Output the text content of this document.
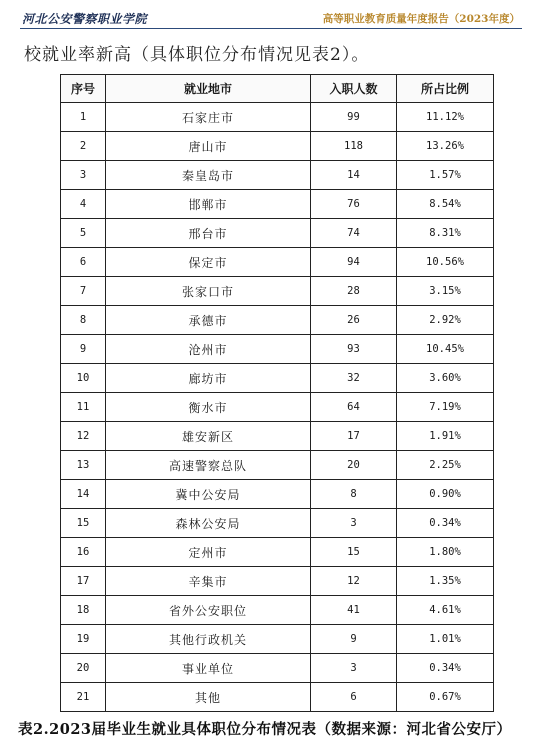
河北公安警察职业学院	高等职业教育质量年度报告（2023年度）
校就业率新高（具体职位分布情况见表2）。
序号	就业地市	入职人数	所占比例
1	石家庄市	99	11.12%
2	唐山市	118	13.26%
3	秦皇岛市	14	1.57%
4	邯郸市	76	8.54%
5	邢台市	74	8.31%
6	保定市	94	10.56%
7	张家口市	28	3.15%
8	承德市	26	2.92%
9	沧州市	93	10.45%
10	廊坊市	32	3.60%
11	衡水市	64	7.19%
12	雄安新区	17	1.91%
13	高速警察总队	20	2.25%
14	冀中公安局	8	0.90%
15	森林公安局	3	0.34%
16	定州市	15	1.80%
17	辛集市	12	1.35%
18	省外公安职位	41	4.61%
19	其他行政机关	9	1.01%
20	事业单位	3	0.34%
21	其他	6	0.67%
表2.2023届毕业生就业具体职位分布情况表（数据来源：河北省公安厅）
